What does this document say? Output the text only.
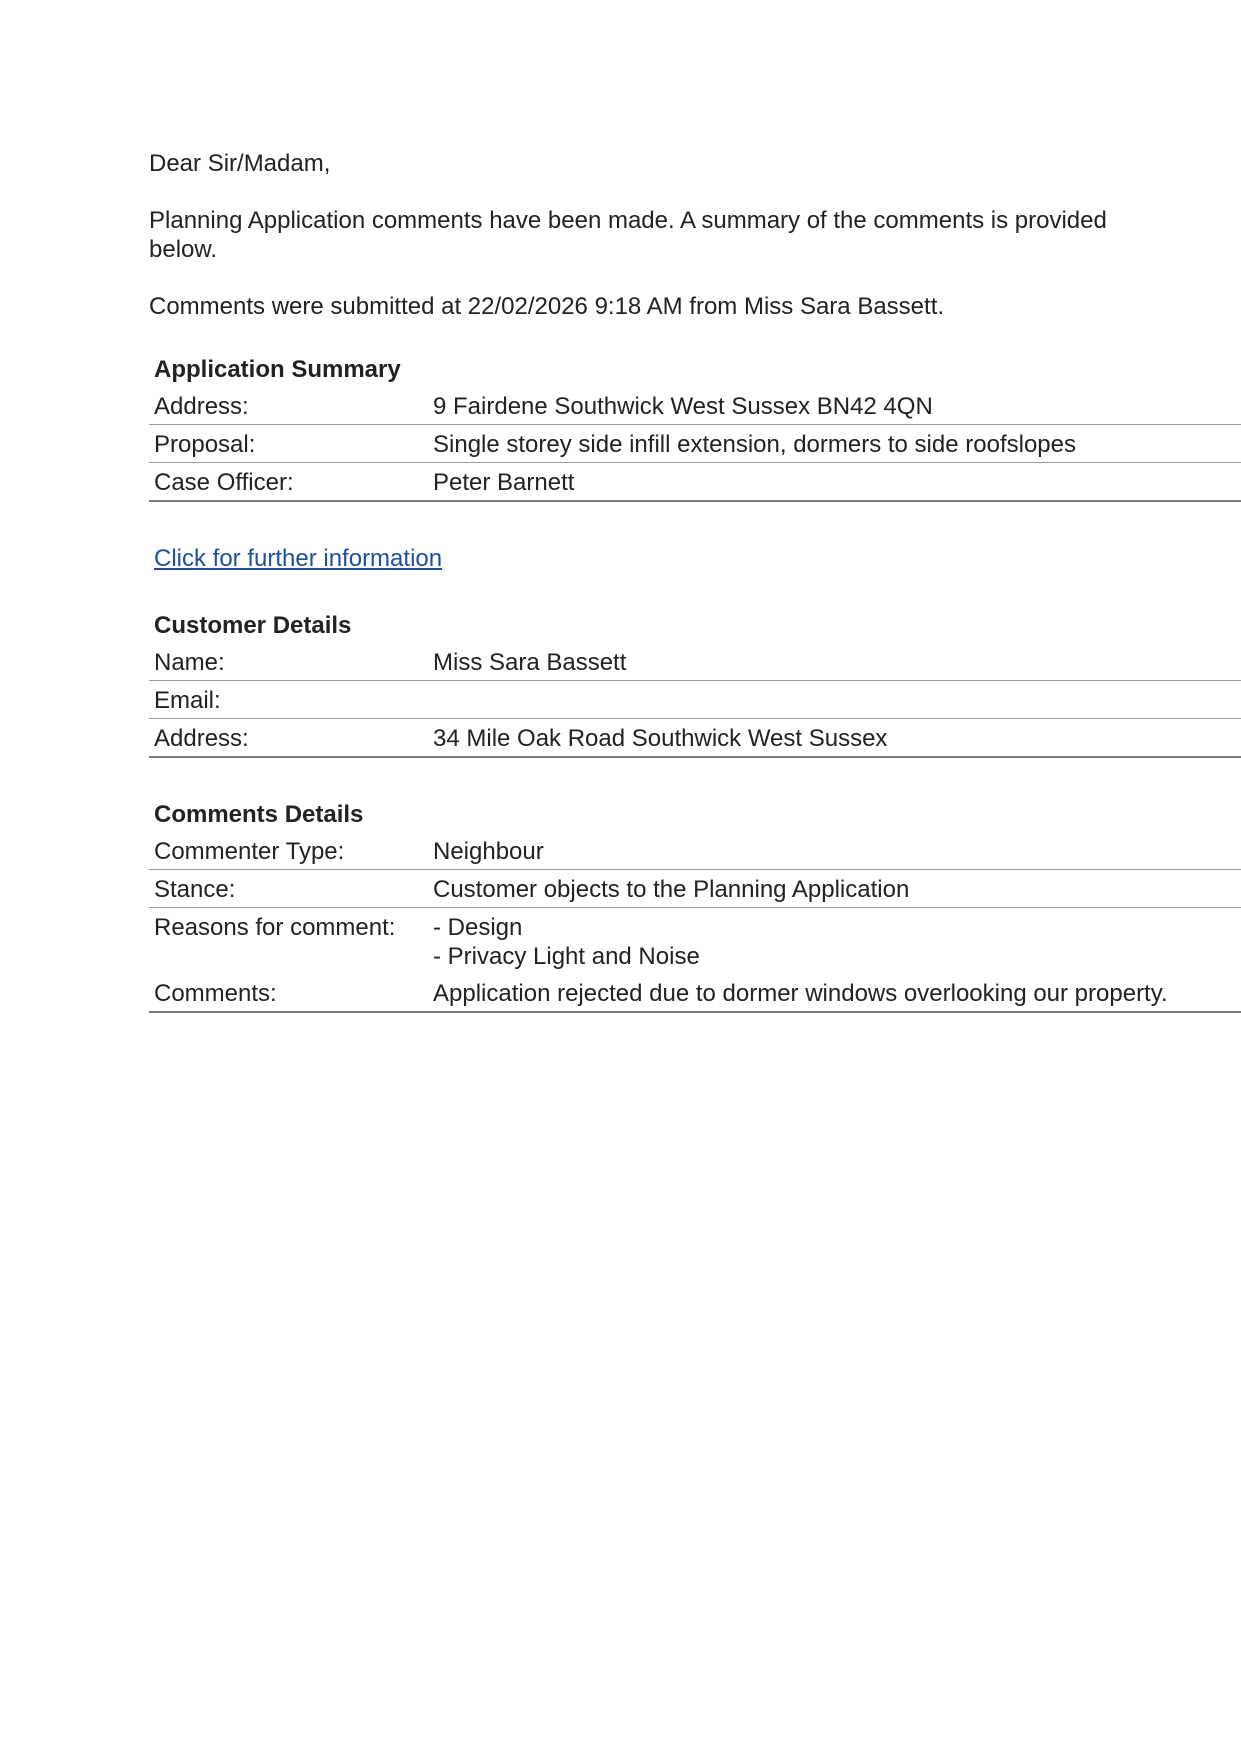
Dear Sir/Madam,

Planning Application comments have been made. A summary of the comments is provided below.

Comments were submitted at 22/02/2026 9:18 AM from Miss Sara Bassett.

Application Summary
Address:	9 Fairdene Southwick West Sussex BN42 4QN
Proposal:	Single storey side infill extension, dormers to side roofslopes
Case Officer:	Peter Barnett
Click for further information
Customer Details
Name:	Miss Sara Bassett
Email:	
Address:	34 Mile Oak Road Southwick West Sussex
Comments Details
Commenter Type:	Neighbour
Stance:	Customer objects to the Planning Application
Reasons for comment:	- Design
- Privacy Light and Noise

Comments:	Application rejected due to dormer windows overlooking our property.
